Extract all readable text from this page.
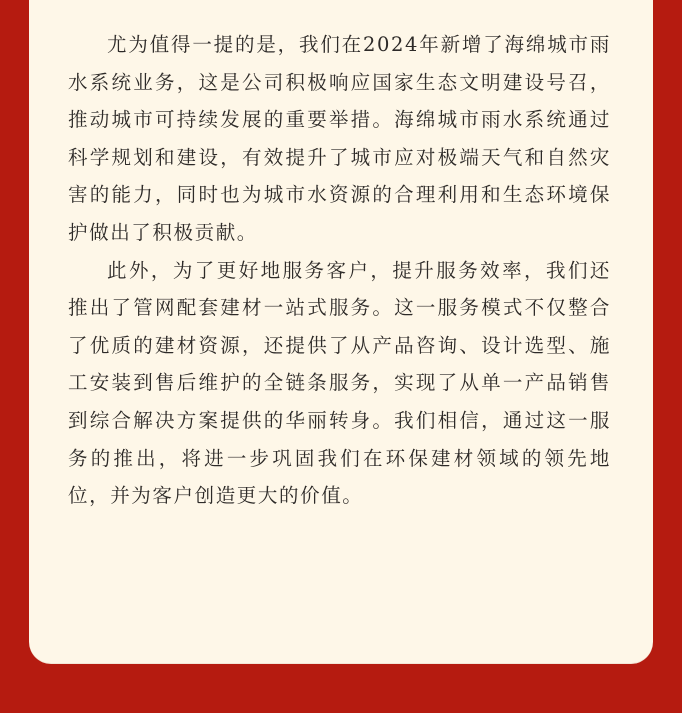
尤为值得一提的是，我们在2024年新增了海绵城市雨水系统业务，这是公司积极响应国家生态文明建设号召，推动城市可持续发展的重要举措。海绵城市雨水系统通过科学规划和建设，有效提升了城市应对极端天气和自然灾害的能力，同时也为城市水资源的合理利用和生态环境保护做出了积极贡献。

此外，为了更好地服务客户，提升服务效率，我们还推出了管网配套建材一站式服务。这一服务模式不仅整合了优质的建材资源，还提供了从产品咨询、设计选型、施工安装到售后维护的全链条服务，实现了从单一产品销售到综合解决方案提供的华丽转身。我们相信，通过这一服务的推出，将进一步巩固我们在环保建材领域的领先地位，并为客户创造更大的价值。
